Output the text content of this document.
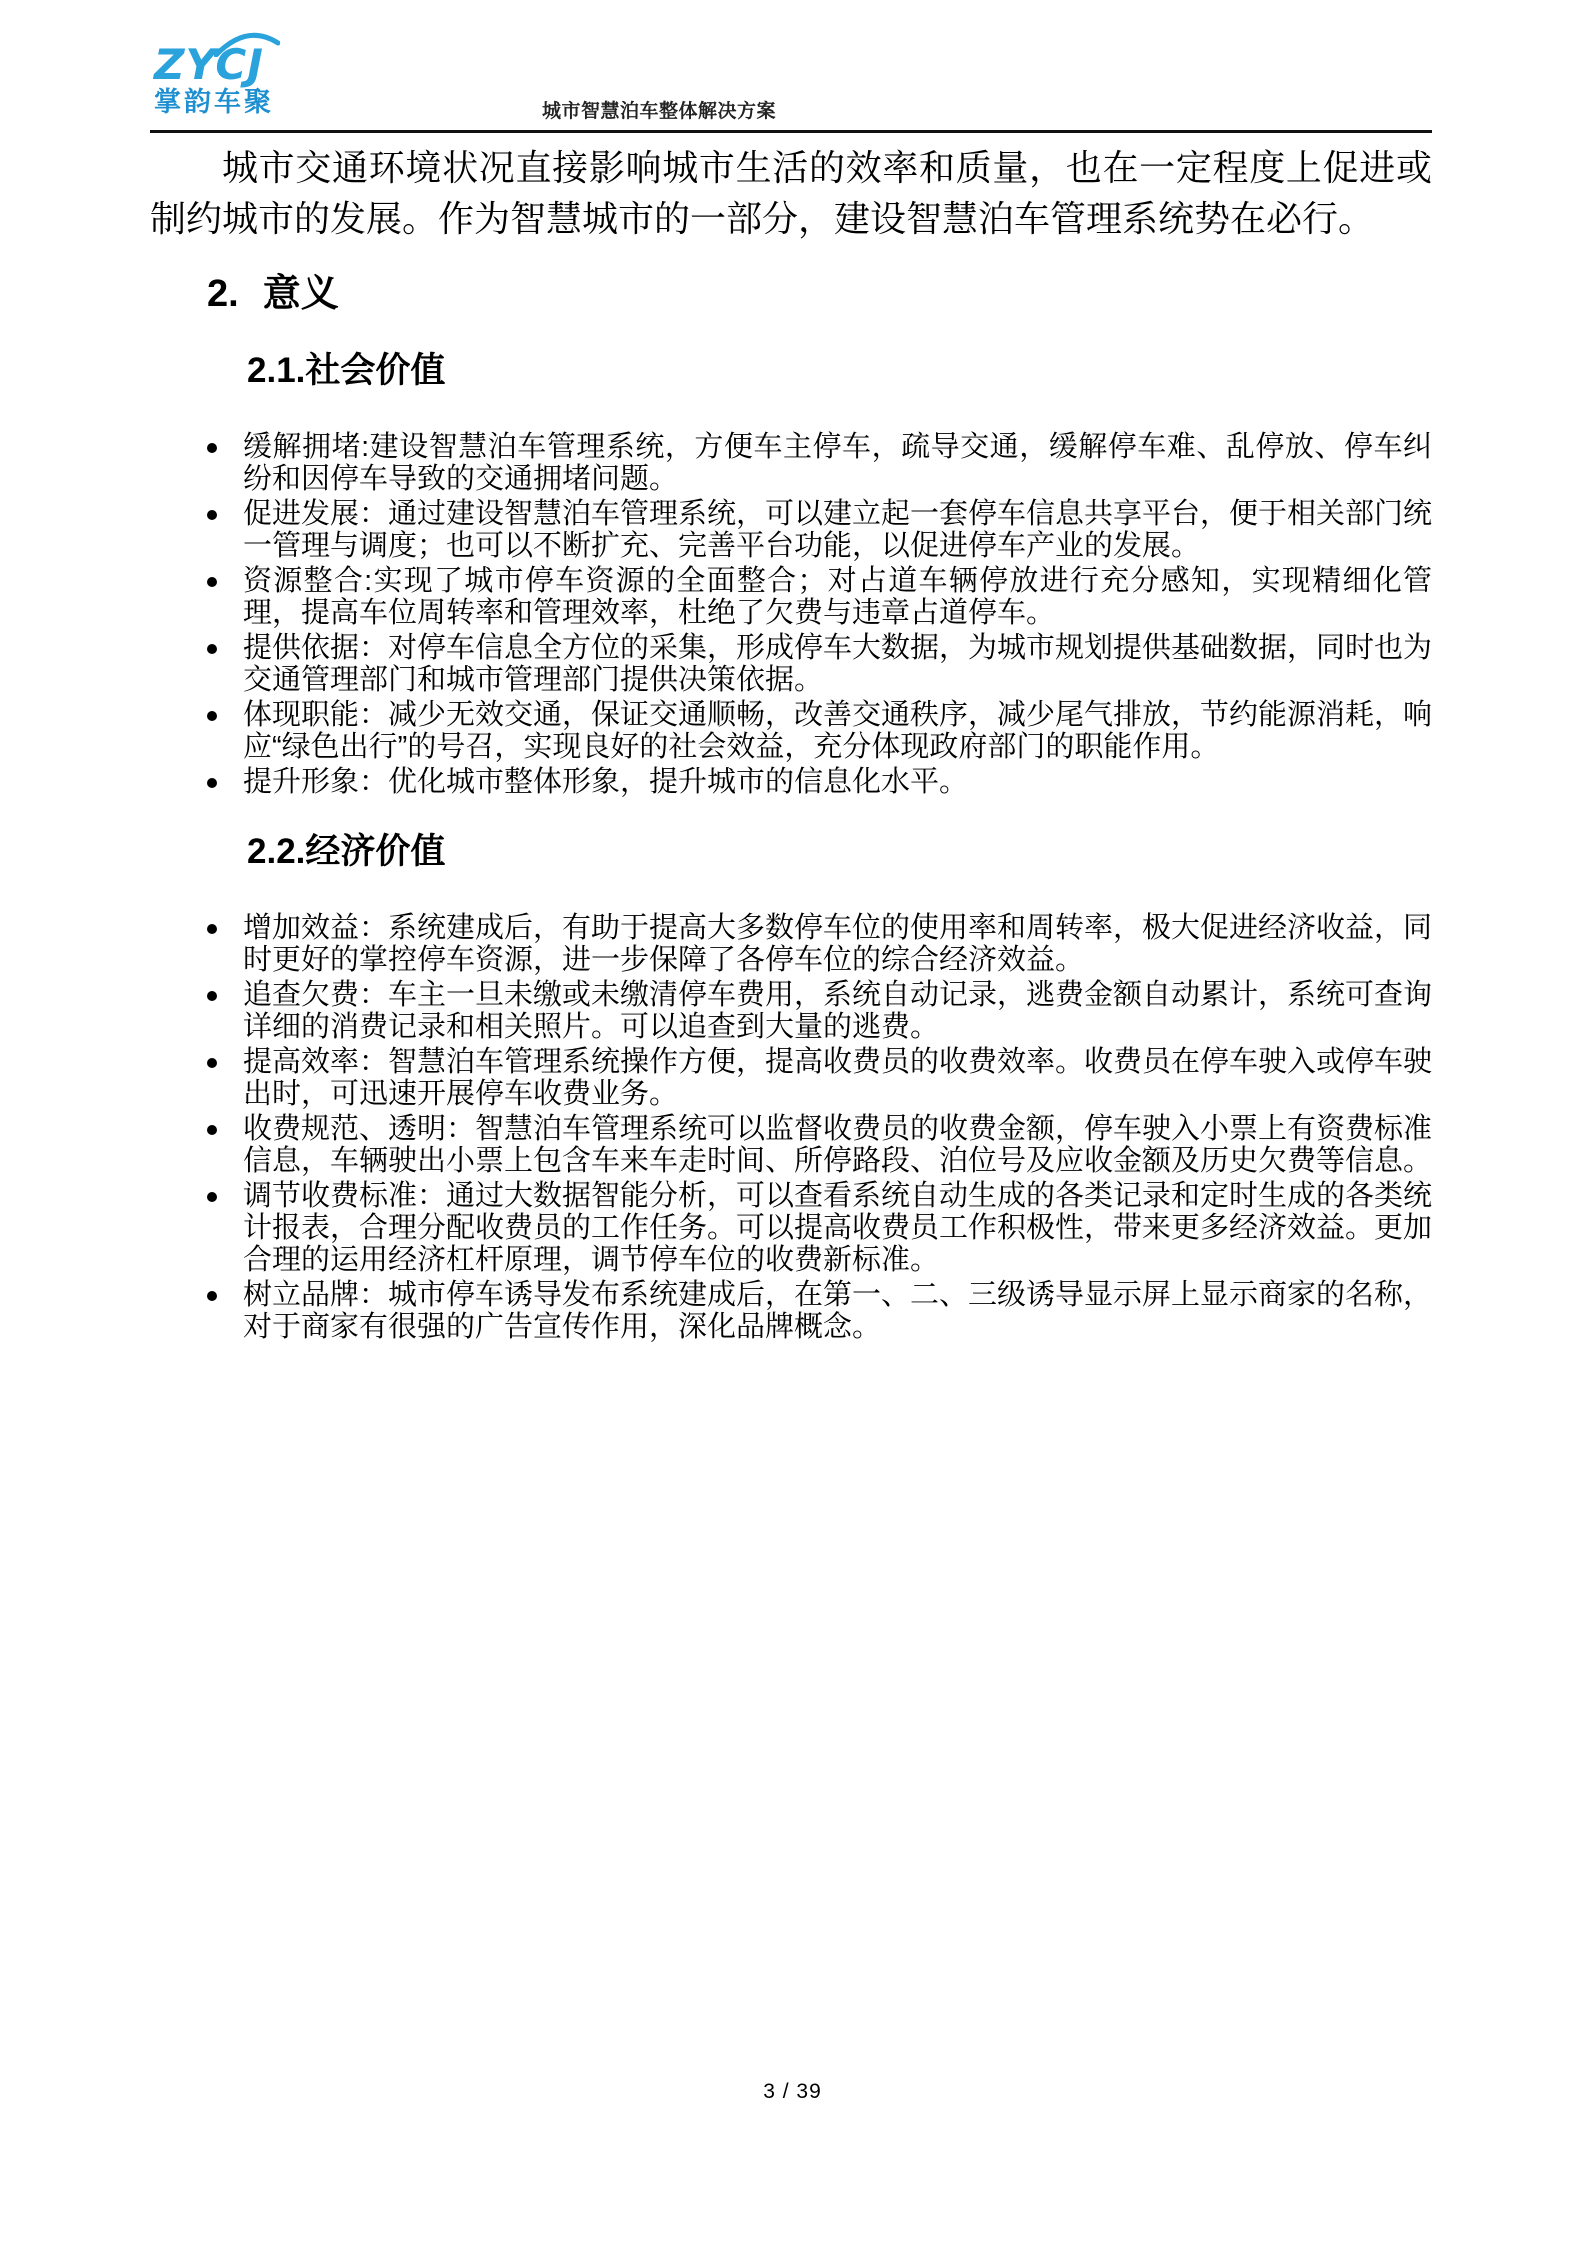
ZYCJ
掌韵车聚	城市智慧泊车整体解决方案

城市交通环境状况直接影响城市生活的效率和质量，也在一定程度上促进或制约城市的发展。作为智慧城市的一部分，建设智慧泊车管理系统势在必行。

2. 意义
2.1.社会价值
缓解拥堵:建设智慧泊车管理系统，方便车主停车，疏导交通，缓解停车难、乱停放、停车纠纷和因停车导致的交通拥堵问题。
促进发展：通过建设智慧泊车管理系统，可以建立起一套停车信息共享平台，便于相关部门统一管理与调度；也可以不断扩充、完善平台功能，以促进停车产业的发展。
资源整合:实现了城市停车资源的全面整合；对占道车辆停放进行充分感知，实现精细化管理，提高车位周转率和管理效率，杜绝了欠费与违章占道停车。
提供依据：对停车信息全方位的采集，形成停车大数据，为城市规划提供基础数据，同时也为交通管理部门和城市管理部门提供决策依据。
体现职能：减少无效交通，保证交通顺畅，改善交通秩序，减少尾气排放，节约能源消耗，响应“绿色出行”的号召，实现良好的社会效益，充分体现政府部门的职能作用。
提升形象：优化城市整体形象，提升城市的信息化水平。
2.2.经济价值
增加效益：系统建成后，有助于提高大多数停车位的使用率和周转率，极大促进经济收益，同时更好的掌控停车资源，进一步保障了各停车位的综合经济效益。
追查欠费：车主一旦未缴或未缴清停车费用，系统自动记录，逃费金额自动累计，系统可查询详细的消费记录和相关照片。可以追查到大量的逃费。
提高效率：智慧泊车管理系统操作方便，提高收费员的收费效率。收费员在停车驶入或停车驶出时，可迅速开展停车收费业务。
收费规范、透明：智慧泊车管理系统可以监督收费员的收费金额，停车驶入小票上有资费标准信息，车辆驶出小票上包含车来车走时间、所停路段、泊位号及应收金额及历史欠费等信息。
调节收费标准：通过大数据智能分析，可以查看系统自动生成的各类记录和定时生成的各类统计报表，合理分配收费员的工作任务。可以提高收费员工作积极性，带来更多经济效益。更加合理的运用经济杠杆原理，调节停车位的收费新标准。
树立品牌：城市停车诱导发布系统建成后，在第一、二、三级诱导显示屏上显示商家的名称，对于商家有很强的广告宣传作用，深化品牌概念。
3 / 39
